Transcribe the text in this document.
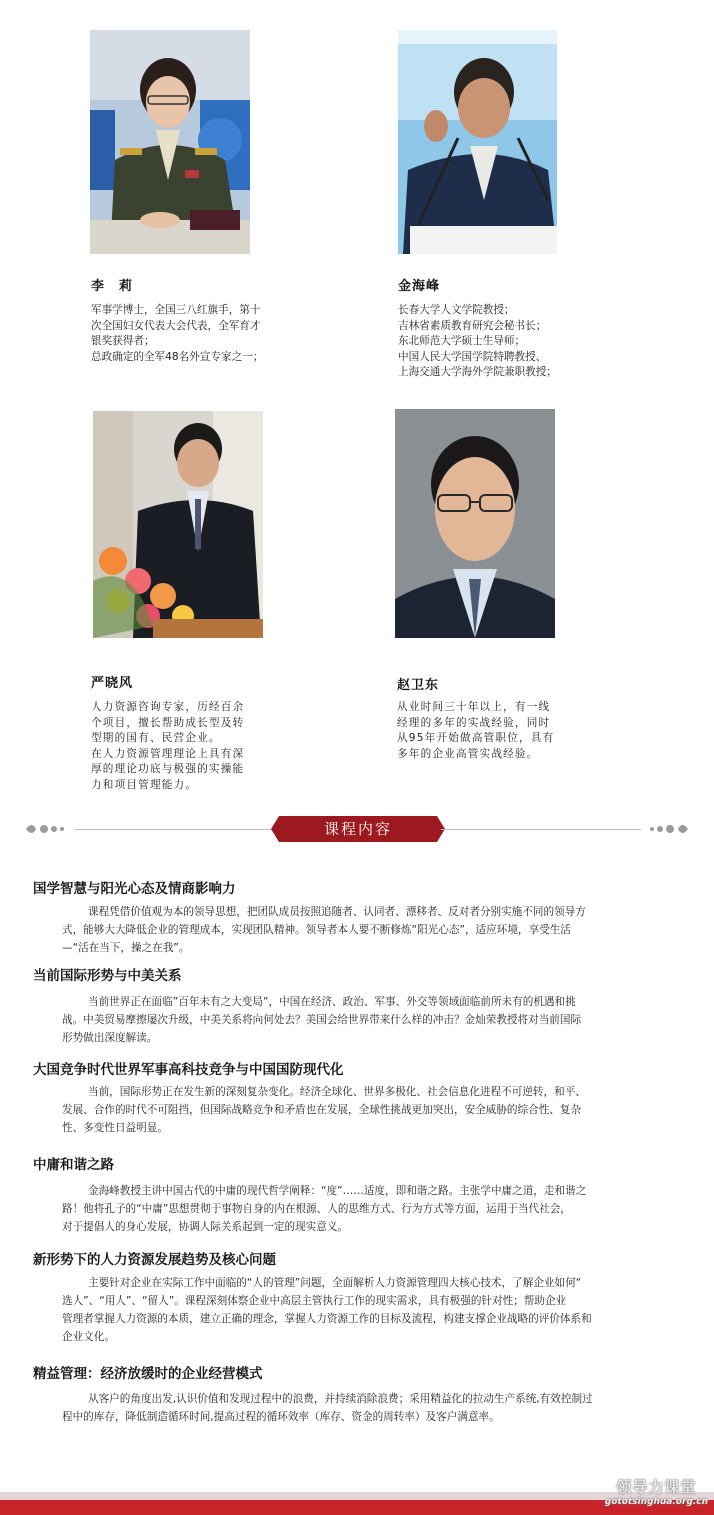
李　莉
军事学博士，全国三八红旗手，第十
次全国妇女代表大会代表，全军育才
银奖获得者；
总政确定的全军48名外宣专家之一；
金海峰
长春大学人文学院教授；
吉林省素质教育研究会秘书长；
东北师范大学硕士生导师；
中国人民大学国学院特聘教授、
上海交通大学海外学院兼职教授；
严晓风
人力资源咨询专家，历经百余
个项目，擅长帮助成长型及转
型期的国有、民营企业。
在人力资源管理理论上具有深
厚的理论功底与极强的实操能
力和项目管理能力。
赵卫东
从业时间三十年以上，有一线
经理的多年的实战经验，同时
从95年开始做高管职位，具有
多年的企业高管实战经验。
课程内容
国学智慧与阳光心态及情商影响力
课程凭借价值观为本的领导思想，把团队成员按照追随者、认同者、漂移者、反对者分别实施不同的领导方
式，能够大大降低企业的管理成本，实现团队精神。领导者本人要不断修炼“阳光心态”，适应环境，享受生活
—“活在当下，操之在我”。
当前国际形势与中美关系
当前世界正在面临”百年未有之大变局”，中国在经济、政治、军事、外交等领域面临前所未有的机遇和挑
战。中美贸易摩擦屡次升级，中美关系将向何处去？美国会给世界带来什么样的冲击？金灿荣教授将对当前国际
形势做出深度解读。
大国竞争时代世界军事高科技竞争与中国国防现代化
当前，国际形势正在发生新的深刻复杂变化。经济全球化、世界多极化、社会信息化进程不可逆转，和平、
发展、合作的时代不可阻挡，但国际战略竞争和矛盾也在发展，全球性挑战更加突出，安全威胁的综合性、复杂
性、多变性日益明显。
中庸和谐之路
金海峰教授主讲中国古代的中庸的现代哲学阐释：“度”……适度，即和谐之路。主张学中庸之道，走和谐之
路！他将孔子的“中庸”思想贯彻于事物自身的内在根源、人的思维方式、行为方式等方面，运用于当代社会，
对于提倡人的身心发展，协调人际关系起到一定的现实意义。
新形势下的人力资源发展趋势及核心问题
主要针对企业在实际工作中面临的“人的管理”问题，全面解析人力资源管理四大核心技术，了解企业如何“
选人”、“用人”、“留人”。课程深刻体察企业中高层主管执行工作的现实需求，具有极强的针对性；帮助企业
管理者掌握人力资源的本质，建立正确的理念，掌握人力资源工作的目标及流程，构建支撑企业战略的评价体系和
企业文化。
精益管理：经济放缓时的企业经营模式
从客户的角度出发,认识价值和发现过程中的浪费，并持续消除浪费；采用精益化的拉动生产系统,有效控制过
程中的库存，降低制造循环时间,提高过程的循环效率（库存、资金的周转率）及客户满意率。
领导力课堂
gototsinghua.org.cn
